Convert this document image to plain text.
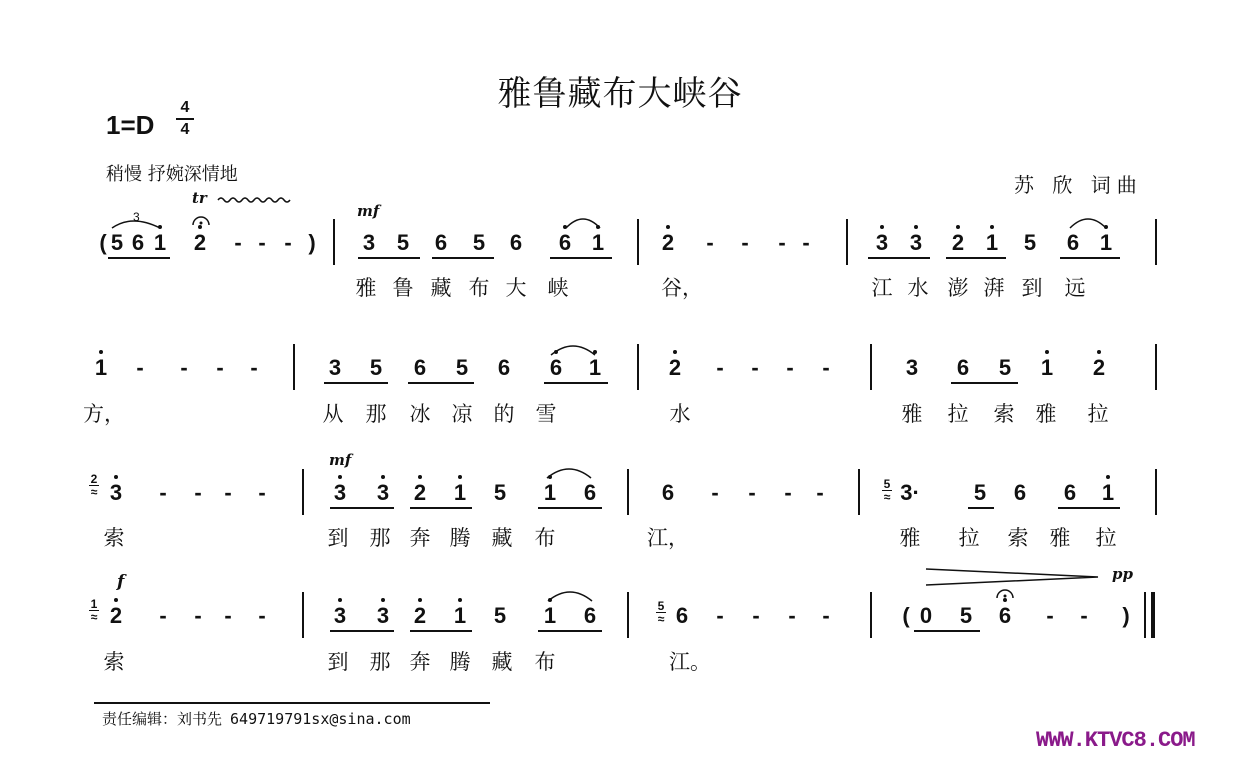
雅鲁藏布大峡谷
1=D
4
4
稍慢 抒婉深情地	苏 欣 词曲
( 5 6 1 2 - - - ) 3 5 6 5 6 6 1	2 - - - -	3 3 2 1 5 6 1
1 - - - -	3 5 6 5 6 6 1	2 - - - -	3 6 5 1 2
3 - - - -	3 3 2 1 5 1 6	6 - - - -	3· 5 6 6 1
2 - - - -	3 3 2 1 5 1 6	6 - - - -	( 0 5 6 - - )
2
≈
5
≈
1
≈
5
≈
雅 鲁 藏 布 大 峡	谷，	江 水 澎 湃 到 远
方，	从 那 冰 凉 的 雪	水	雅 拉 索 雅 拉
索	到 那 奔 腾 藏 布	江，	雅 拉 索 雅 拉
索	到 那 奔 腾 藏 布	江。
mf
mf
f	pp
tr
3
责任编辑：刘书先 649719791sx@sina.com
WWW.KTVC8.COM
